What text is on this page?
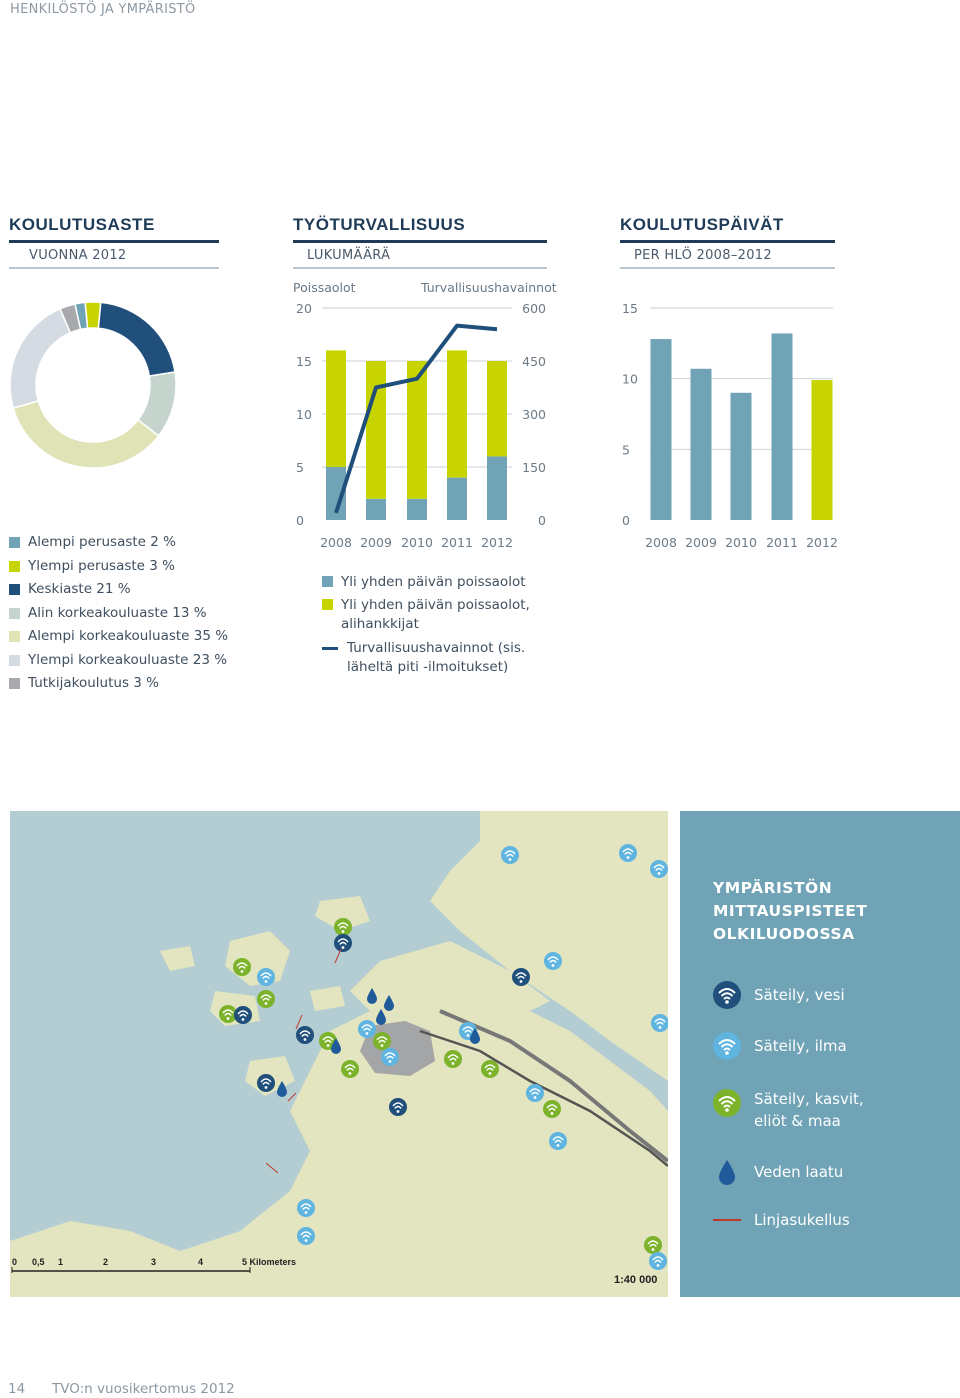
HENKILÖSTÖ JA YMPÄRISTÖ
KOULUTUSASTE
VUONNA 2012
Alempi perusaste 2 %
Ylempi perusaste 3 %
Keskiaste 21 %
Alin korkeakouluaste 13 %
Alempi korkeakouluaste 35 %
Ylempi korkeakouluaste 23 %
Tutkijakoulutus 3 %
TYÖTURVALLISUUS
LUKUMÄÄRÄ
Poissaolot	Turvallisuushavainnot
20	600
15	450
10	300
5	150
0	0
2008 2009 2010 2011 2012
Yli yhden päivän poissaolot
Yli yhden päivän poissaolot, alihankkijat
Turvallisuushavainnot (sis. läheltä piti -ilmoitukset)
KOULUTUSPÄIVÄT
PER HLÖ 2008–2012
15
10
5
0
2008 2009 2010 2011 2012
0 0,5 1	2	3	4	5 Kilometers
1:40 000
YMPÄRISTÖN
MITTAUSPISTEET
OLKILUODOSSA
Säteily, vesi
Säteily, ilma
Säteily, kasvit, eliöt & maa
Veden laatu
Linjasukellus
14 TVO:n vuosikertomus 2012
